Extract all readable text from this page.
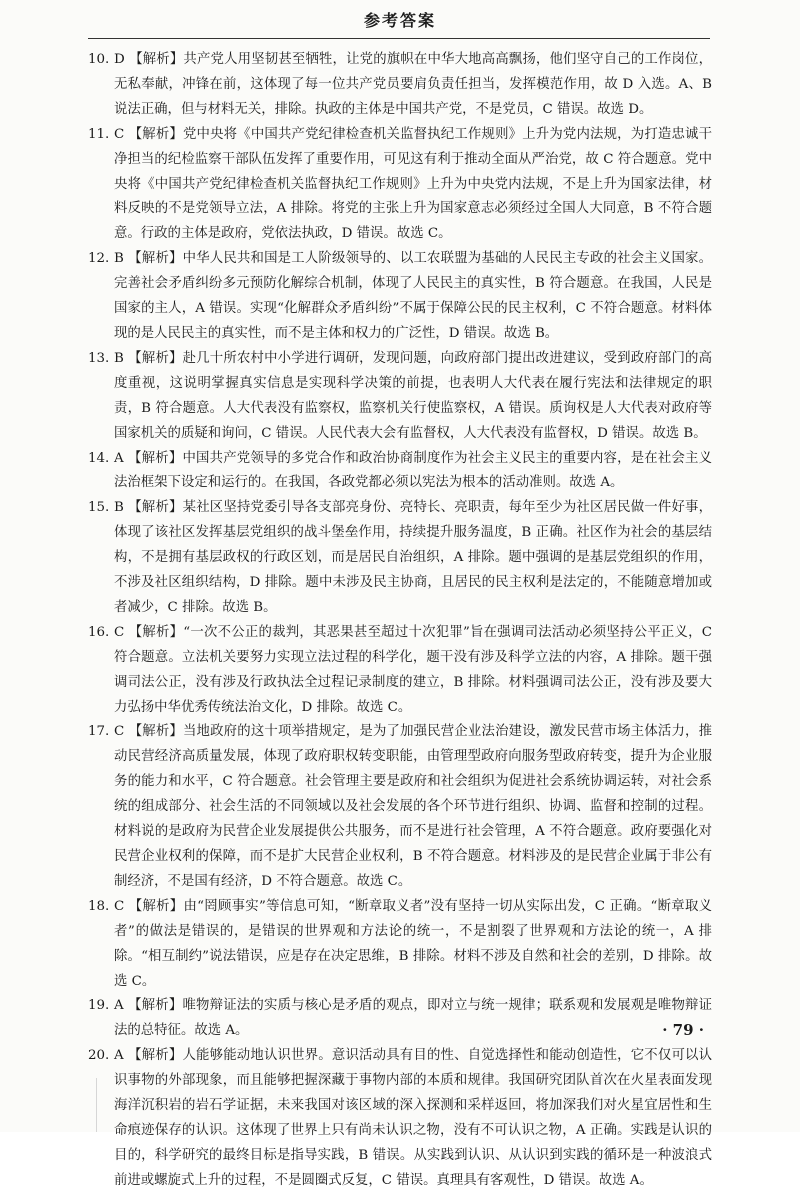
参考答案
10. D 【解析】共产党人用坚韧甚至牺牲，让党的旗帜在中华大地高高飘扬，他们坚守自己的工作岗位，无私奉献，冲锋在前，这体现了每一位共产党员要肩负责任担当，发挥模范作用，故 D 入选。A、B 说法正确，但与材料无关，排除。执政的主体是中国共产党，不是党员，C 错误。故选 D。
11. C 【解析】党中央将《中国共产党纪律检查机关监督执纪工作规则》上升为党内法规，为打造忠诚干净担当的纪检监察干部队伍发挥了重要作用，可见这有利于推动全面从严治党，故 C 符合题意。党中央将《中国共产党纪律检查机关监督执纪工作规则》上升为中央党内法规，不是上升为国家法律，材料反映的不是党领导立法，A 排除。将党的主张上升为国家意志必须经过全国人大同意，B 不符合题意。行政的主体是政府，党依法执政，D 错误。故选 C。
12. B 【解析】中华人民共和国是工人阶级领导的、以工农联盟为基础的人民民主专政的社会主义国家。完善社会矛盾纠纷多元预防化解综合机制，体现了人民民主的真实性，B 符合题意。在我国，人民是国家的主人，A 错误。实现“化解群众矛盾纠纷”不属于保障公民的民主权利，C 不符合题意。材料体现的是人民民主的真实性，而不是主体和权力的广泛性，D 错误。故选 B。
13. B 【解析】赴几十所农村中小学进行调研，发现问题，向政府部门提出改进建议，受到政府部门的高度重视，这说明掌握真实信息是实现科学决策的前提，也表明人大代表在履行宪法和法律规定的职责，B 符合题意。人大代表没有监察权，监察机关行使监察权，A 错误。质询权是人大代表对政府等国家机关的质疑和询问，C 错误。人民代表大会有监督权，人大代表没有监督权，D 错误。故选 B。
14. A 【解析】中国共产党领导的多党合作和政治协商制度作为社会主义民主的重要内容，是在社会主义法治框架下设定和运行的。在我国，各政党都必须以宪法为根本的活动准则。故选 A。
15. B 【解析】某社区坚持党委引导各支部亮身份、亮特长、亮职责，每年至少为社区居民做一件好事，体现了该社区发挥基层党组织的战斗堡垒作用，持续提升服务温度，B 正确。社区作为社会的基层结构，不是拥有基层政权的行政区划，而是居民自治组织，A 排除。题中强调的是基层党组织的作用，不涉及社区组织结构，D 排除。题中未涉及民主协商，且居民的民主权利是法定的，不能随意增加或者减少，C 排除。故选 B。
16. C 【解析】“一次不公正的裁判，其恶果甚至超过十次犯罪”旨在强调司法活动必须坚持公平正义，C 符合题意。立法机关要努力实现立法过程的科学化，题干没有涉及科学立法的内容，A 排除。题干强调司法公正，没有涉及行政执法全过程记录制度的建立，B 排除。材料强调司法公正，没有涉及要大力弘扬中华优秀传统法治文化，D 排除。故选 C。
17. C 【解析】当地政府的这十项举措规定，是为了加强民营企业法治建设，激发民营市场主体活力，推动民营经济高质量发展，体现了政府职权转变职能，由管理型政府向服务型政府转变，提升为企业服务的能力和水平，C 符合题意。社会管理主要是政府和社会组织为促进社会系统协调运转，对社会系统的组成部分、社会生活的不同领域以及社会发展的各个环节进行组织、协调、监督和控制的过程。材料说的是政府为民营企业发展提供公共服务，而不是进行社会管理，A 不符合题意。政府要强化对民营企业权利的保障，而不是扩大民营企业权利，B 不符合题意。材料涉及的是民营企业属于非公有制经济，不是国有经济，D 不符合题意。故选 C。
18. C 【解析】由“罔顾事实”等信息可知，“断章取义者”没有坚持一切从实际出发，C 正确。“断章取义者”的做法是错误的，是错误的世界观和方法论的统一，不是割裂了世界观和方法论的统一，A 排除。“相互制约”说法错误，应是存在决定思维，B 排除。材料不涉及自然和社会的差别，D 排除。故选 C。
19. A 【解析】唯物辩证法的实质与核心是矛盾的观点，即对立与统一规律；联系观和发展观是唯物辩证法的总特征。故选 A。
20. A 【解析】人能够能动地认识世界。意识活动具有目的性、自觉选择性和能动创造性，它不仅可以认识事物的外部现象，而且能够把握深藏于事物内部的本质和规律。我国研究团队首次在火星表面发现海洋沉积岩的岩石学证据，未来我国对该区域的深入探测和采样返回，将加深我们对火星宜居性和生命痕迹保存的认识。这体现了世界上只有尚未认识之物，没有不可认识之物，A 正确。实践是认识的目的，科学研究的最终目标是指导实践，B 错误。从实践到认识、从认识到实践的循环是一种波浪式前进或螺旋式上升的过程，不是圆圈式反复，C 错误。真理具有客观性，D 错误。故选 A。
· 79 ·
